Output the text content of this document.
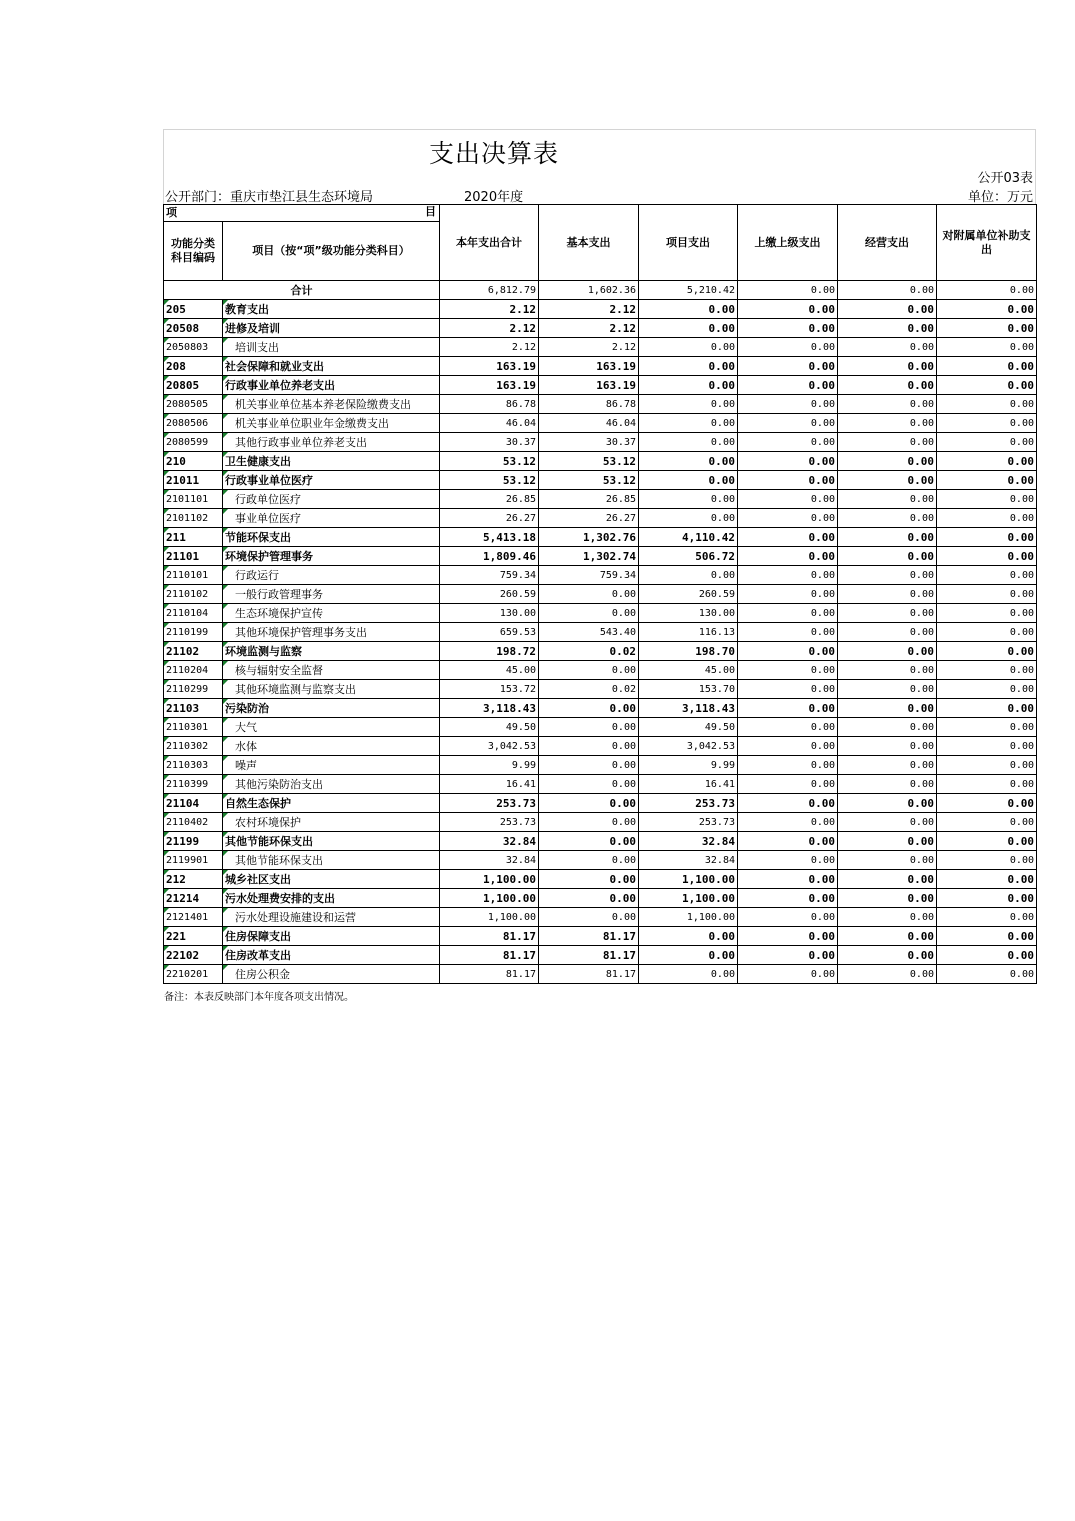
支出决算表
公开03表
公开部门：重庆市垫江县生态环境局	2020年度	单位：万元
项 目		本年支出合计	基本支出	项目支出	上缴上级支出	经营支出	对附属单位补助支出
功能分类科目编码	项目（按“项”级功能分类科目）						
合计		6,812.79	1,602.36	5,210.42	0.00	0.00	0.00
205	教育支出	2.12	2.12	0.00	0.00	0.00	0.00
20508	进修及培训	2.12	2.12	0.00	0.00	0.00	0.00
2050803	培训支出	2.12	2.12	0.00	0.00	0.00	0.00
208	社会保障和就业支出	163.19	163.19	0.00	0.00	0.00	0.00
20805	行政事业单位养老支出	163.19	163.19	0.00	0.00	0.00	0.00
2080505	机关事业单位基本养老保险缴费支出	86.78	86.78	0.00	0.00	0.00	0.00
2080506	机关事业单位职业年金缴费支出	46.04	46.04	0.00	0.00	0.00	0.00
2080599	其他行政事业单位养老支出	30.37	30.37	0.00	0.00	0.00	0.00
210	卫生健康支出	53.12	53.12	0.00	0.00	0.00	0.00
21011	行政事业单位医疗	53.12	53.12	0.00	0.00	0.00	0.00
2101101	行政单位医疗	26.85	26.85	0.00	0.00	0.00	0.00
2101102	事业单位医疗	26.27	26.27	0.00	0.00	0.00	0.00
211	节能环保支出	5,413.18	1,302.76	4,110.42	0.00	0.00	0.00
21101	环境保护管理事务	1,809.46	1,302.74	506.72	0.00	0.00	0.00
2110101	行政运行	759.34	759.34	0.00	0.00	0.00	0.00
2110102	一般行政管理事务	260.59	0.00	260.59	0.00	0.00	0.00
2110104	生态环境保护宣传	130.00	0.00	130.00	0.00	0.00	0.00
2110199	其他环境保护管理事务支出	659.53	543.40	116.13	0.00	0.00	0.00
21102	环境监测与监察	198.72	0.02	198.70	0.00	0.00	0.00
2110204	核与辐射安全监督	45.00	0.00	45.00	0.00	0.00	0.00
2110299	其他环境监测与监察支出	153.72	0.02	153.70	0.00	0.00	0.00
21103	污染防治	3,118.43	0.00	3,118.43	0.00	0.00	0.00
2110301	大气	49.50	0.00	49.50	0.00	0.00	0.00
2110302	水体	3,042.53	0.00	3,042.53	0.00	0.00	0.00
2110303	噪声	9.99	0.00	9.99	0.00	0.00	0.00
2110399	其他污染防治支出	16.41	0.00	16.41	0.00	0.00	0.00
21104	自然生态保护	253.73	0.00	253.73	0.00	0.00	0.00
2110402	农村环境保护	253.73	0.00	253.73	0.00	0.00	0.00
21199	其他节能环保支出	32.84	0.00	32.84	0.00	0.00	0.00
2119901	其他节能环保支出	32.84	0.00	32.84	0.00	0.00	0.00
212	城乡社区支出	1,100.00	0.00	1,100.00	0.00	0.00	0.00
21214	污水处理费安排的支出	1,100.00	0.00	1,100.00	0.00	0.00	0.00
2121401	污水处理设施建设和运营	1,100.00	0.00	1,100.00	0.00	0.00	0.00
221	住房保障支出	81.17	81.17	0.00	0.00	0.00	0.00
22102	住房改革支出	81.17	81.17	0.00	0.00	0.00	0.00
2210201	住房公积金	81.17	81.17	0.00	0.00	0.00	0.00
备注：本表反映部门本年度各项支出情况。
